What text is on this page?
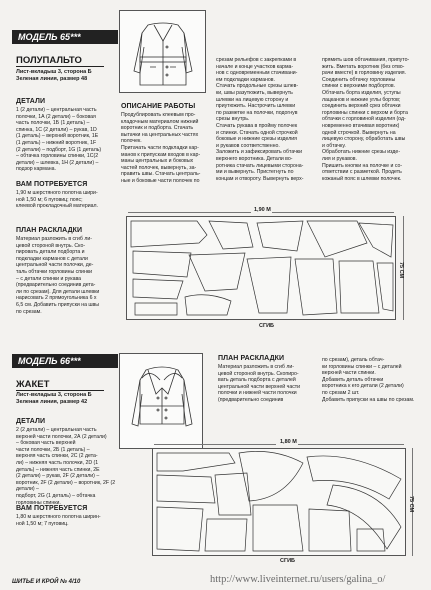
МОДЕЛЬ 65***
ПОЛУПАЛЬТО
Лист-вкладыш 3, сторона Б
Зеленая линия, размер 48
ДЕТАЛИ
1 (2 детали) – центральная часть
полочки, 1А (2 детали) – боковая
часть полочки, 1Б (1 деталь) –
спинка, 1С (2 детали) – рукав, 1D
(1 деталь) – верхний воротник, 1Е
(1 деталь) – нижний воротник, 1F
(2 детали) – подборт, 1G (1 деталь)
– обтачка горловины спинки, 1С(2
детали) – шлевка, 1Н (2 детали) –
подзор кармана.
ВАМ ПОТРЕБУЕТСЯ
1,90 м шерстяного полотна шири-
ной 1,50 м; 6 пуговиц; пояс;
клеевой прокладочный материал.
ПЛАН РАСКЛАДКИ
Материал разложить в сгиб ли-
цевой стороной внутрь. Ско-
пировать детали подборта и
подкладки карманов с детали
центральной части полочки, де-
таль обтачки горловины спинки
– с детали спинки и рукава
(предварительно соединив дета-
ли по срезам). Для детали шлевки
нарисовать 2 прямоугольника 6 х
6,5 см. Добавить припуски на швы
по срезам.
ОПИСАНИЕ РАБОТЫ
Продублировать клеевым про-
кладочным материалом нижний
воротник и подборта. Стачать
вытачки на центральных частях
полочек.
Притачать части подкладки кар-
манов к припускам входов в кар-
маны центральных и боковых
частей полочек, вывернуть, за-
править швы. Стачать централь-
ные и боковые части полочек по
срезам рельефов с закрепками в
начале и конце участков карма-
нов с одновременным стачивани-
ем подкладки карманов.
Стачать продольные срезы шлев-
ки, швы разутюжить, вывернуть
шлевки на лицевую сторону и
приутюжить. Настрочить шлевки
по разметке на полочки, подогнув
срезы внутрь.
Стачать рукава в пройму полочек
и спинки. Стачать одной строчкой
боковые и нижние срезы изделия
и рукавов соответственно.
Заложить и зафиксировать обтачки
верхнего воротника. Детали во-
ротника стачать лицевыми сторона-
ми и вывернуть. Пристегнуть по
концам и отвороту. Вывернуть верх-
прямить шов обтачивания, припуто-
жить. Вметать воротник (без отво-
рачи вместе) в горловину изделия.
Соединить обтачку горловины
спинки с верхними подбортов.
Обтачать борта изделия, уступы
лацканов и нижние углы бортов;
соединить верхний срез обтачки
горловины спинки с верхом и борта
обтачки с горловиной изделия (од-
новременно втачивая воротник)
одной строчкой. Вывернуть на
лицевую сторону, обработать швы
и обтачку.
Обработать нижние срезы изде-
лия и рукавов.
Пришить кнопки на полочке и со-
ответствии с разметкой. Продеть
кожаный пояс в шлевки полочек.
1,90 М
75 СМ
СГИБ
МОДЕЛЬ 66***
ЖАКЕТ
Лист-вкладыш 3, сторона Б
Зеленая линия, размер 42
ДЕТАЛИ
2 (2 детали) – центральная часть
верхней части полочки, 2А (2 детали)
– боковая часть верхней
части полочки, 2Б (1 деталь) –
верхняя часть спинки, 2С (2 дета-
ли) – нижняя часть полочки, 2D (1
деталь) – нижняя часть спинки, 2Е
(2 детали) – рукав, 2F (2 детали) –
воротник, 2F (2 детали) – воротник, 2F (2 детали) –
подборт, 2G (1 деталь) – обтачка
горловины спинки.
ВАМ ПОТРЕБУЕТСЯ
1,80 м шерстяного полотна ширин-
ной 1,50 м; 7 пуговиц.
ПЛАН РАСКЛАДКИ
Материал разложить в сгиб ли-
цевой стороной внутрь. Скопиро-
вать деталь подборта с деталей
центральной части верхней части
полочки и нижней части полочки
(предварительно соединив
по срезам), деталь обтач-
ки горловины спинки – с деталей
верхней части спинки.
Добавить деталь обтачки
воротника к его детали (2 детали)
по срезам 2 шт.
Добавить припуски на швы по срезам.
1,80 М
75 СМ
СГИБ
ШИТЬЕ И КРОЙ № 4/10	http://www.liveinternet.ru/users/galina_o/
